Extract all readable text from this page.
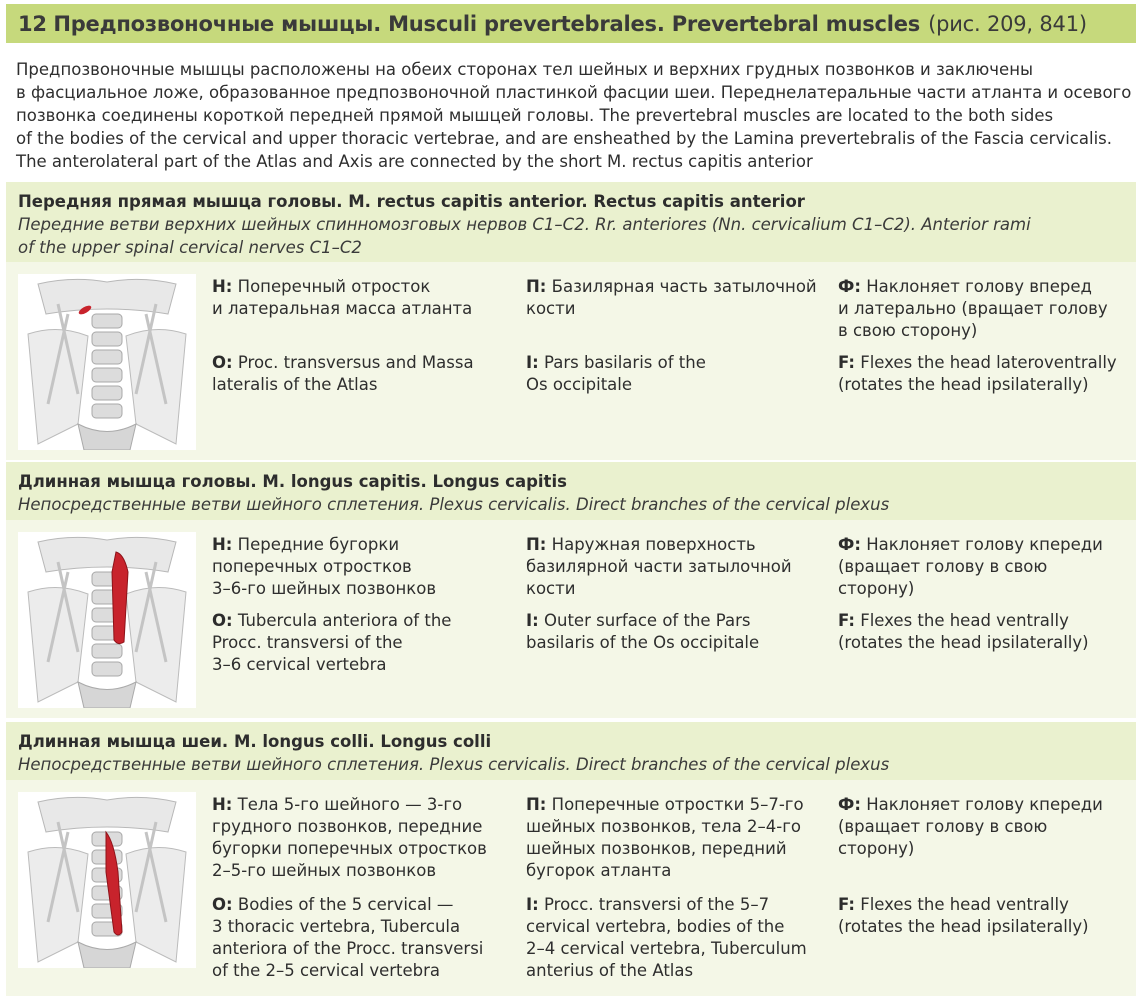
12
Предпозвоночные мышцы. Musculi prevertebrales. Prevertebral muscles (рис. 209, 841)

Предпозвоночные мышцы расположены на обеих сторонах тел шейных и верхних грудных позвонков и заключены

в фасциальное ложе, образованное предпозвоночной пластинкой фасции шеи. Переднелатеральные части атланта и осевого

позвонка соединены короткой передней прямой мышцей головы. The prevertebral muscles are located to the both sides

of the bodies of the cervical and upper thoracic vertebrae, and are ensheathed by the Lamina prevertebralis of the Fascia cervicalis.

The anterolateral part of the Atlas and Axis are connected by the short M. rectus capitis anterior

Передняя прямая мышца головы. M. rectus capitis anterior. Rectus capitis anterior
Передние ветви верхних шейных спинномозговых нервов C1–C2. Rr. anteriores (Nn. cervicalium C1–C2). Anterior rami
of the upper spinal cervical nerves C1–C2
Н: Поперечный отросток
и латеральная масса атланта
O: Proc. transversus and Massa
lateralis of the Atlas
П: Базилярная часть затылочной
кости
I: Pars basilaris of the
Os occipitale
Ф: Наклоняет голову вперед
и латерально (вращает голову
в свою сторону)
F: Flexes the head lateroventrally
(rotates the head ipsilaterally)
Длинная мышца головы. M. longus capitis. Longus capitis
Непосредственные ветви шейного сплетения. Plexus cervicalis. Direct branches of the cervical plexus
Н: Передние бугорки
поперечных отростков
3–6-го шейных позвонков
O: Tubercula anteriora of the
Procc. transversi of the
3–6 cervical vertebra
П: Наружная поверхность
базилярной части затылочной
кости
I: Outer surface of the Pars
basilaris of the Os occipitale
Ф: Наклоняет голову кпереди
(вращает голову в свою
сторону)
F: Flexes the head ventrally
(rotates the head ipsilaterally)
Длинная мышца шеи. M. longus colli. Longus colli
Непосредственные ветви шейного сплетения. Plexus cervicalis. Direct branches of the cervical plexus
Н: Тела 5-го шейного — 3-го
грудного позвонков, передние
бугорки поперечных отростков
2–5-го шейных позвонков
O: Bodies of the 5 cervical —
3 thoracic vertebra, Tubercula
anteriora of the Procc. transversi
of the 2–5 cervical vertebra
П: Поперечные отростки 5–7-го
шейных позвонков, тела 2–4-го
шейных позвонков, передний
бугорок атланта
I: Procc. transversi of the 5–7
cervical vertebra, bodies of the
2–4 cervical vertebra, Tuberculum
anterius of the Atlas
Ф: Наклоняет голову кпереди
(вращает голову в свою
сторону)
F: Flexes the head ventrally
(rotates the head ipsilaterally)
